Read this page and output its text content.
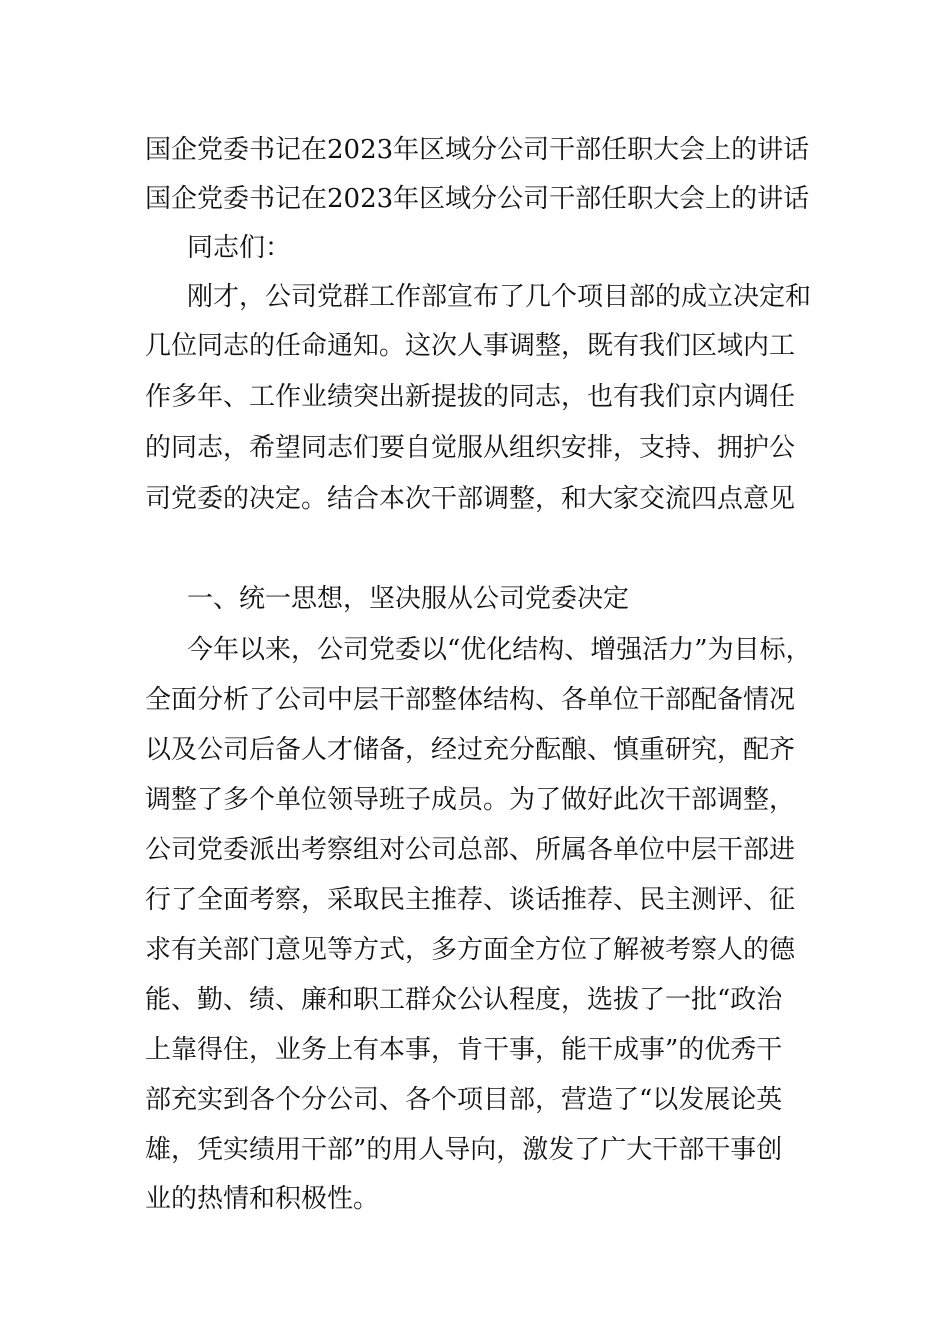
国企党委书记在2023年区域分公司干部任职大会上的讲话
国企党委书记在2023年区域分公司干部任职大会上的讲话
同志们：
刚才，公司党群工作部宣布了几个项目部的成立决定和
几位同志的任命通知。这次人事调整，既有我们区域内工
作多年、工作业绩突出新提拔的同志，也有我们京内调任
的同志，希望同志们要自觉服从组织安排，支持、拥护公
司党委的决定。结合本次干部调整，和大家交流四点意见
一、统一思想，坚决服从公司党委决定
今年以来，公司党委以“优化结构、增强活力”为目标，
全面分析了公司中层干部整体结构、各单位干部配备情况
以及公司后备人才储备，经过充分酝酿、慎重研究，配齐
调整了多个单位领导班子成员。为了做好此次干部调整，
公司党委派出考察组对公司总部、所属各单位中层干部进
行了全面考察，采取民主推荐、谈话推荐、民主测评、征
求有关部门意见等方式，多方面全方位了解被考察人的德
能、勤、绩、廉和职工群众公认程度，选拔了一批“政治
上靠得住，业务上有本事，肯干事，能干成事”的优秀干
部充实到各个分公司、各个项目部，营造了“以发展论英
雄，凭实绩用干部”的用人导向，激发了广大干部干事创
业的热情和积极性。
